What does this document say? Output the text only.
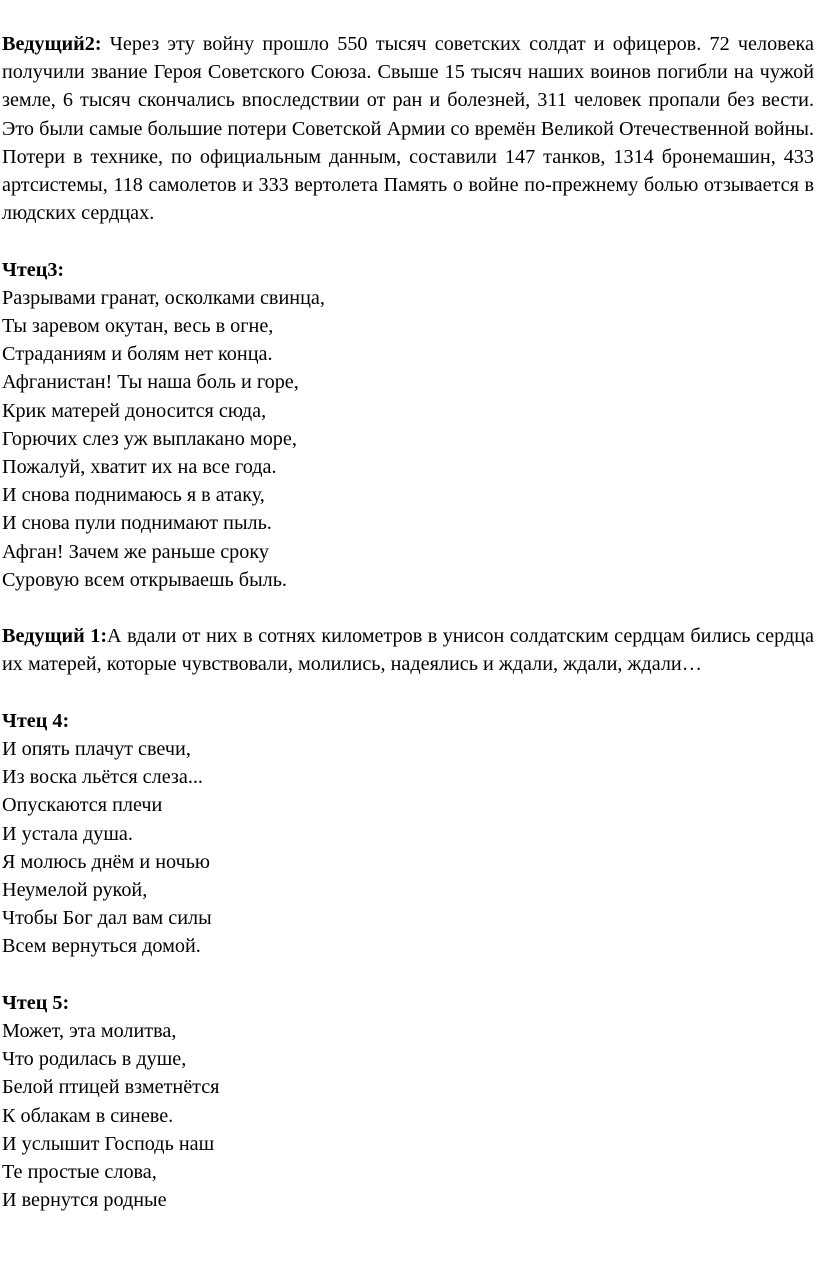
Ведущий2: Через эту войну прошло 550 тысяч советских солдат и офицеров. 72 человека получили звание Героя Советского Союза. Свыше 15 тысяч наших воинов погибли на чужой земле, 6 тысяч скончались впоследствии от ран и болезней, 311 человек пропали без вести. Это были самые большие потери Советской Армии со времён Великой Отечественной войны. Потери в технике, по официальным данным, составили 147 танков, 1314 бронемашин, 433 артсистемы, 118 самолетов и 333 вертолета Память о войне по-прежнему болью отзывается в людских сердцах.

Чтец3:
Разрывами гранат, осколками свинца,
Ты заревом окутан, весь в огне,
Страданиям и болям нет конца.
Афганистан! Ты наша боль и горе,
Крик матерей доносится сюда,
Горючих слез уж выплакано море,
Пожалуй, хватит их на все года.
И снова поднимаюсь я в атаку,
И снова пули поднимают пыль.
Афган! Зачем же раньше сроку
Суровую всем открываешь быль.

Ведущий 1:А вдали от них в сотнях километров в унисон солдатским сердцам бились сердца их матерей, которые чувствовали, молились, надеялись и ждали, ждали, ждали…

Чтец 4:
И опять плачут свечи,
Из воска льётся слеза...
Опускаются плечи
И устала душа.
Я молюсь днём и ночью
Неумелой рукой,
Чтобы Бог дал вам силы
Всем вернуться домой.
Чтец 5:
Может, эта молитва,
Что родилась в душе,
Белой птицей взметнётся
К облакам в синеве.
И услышит Господь наш
Те простые слова,
И вернутся родные
